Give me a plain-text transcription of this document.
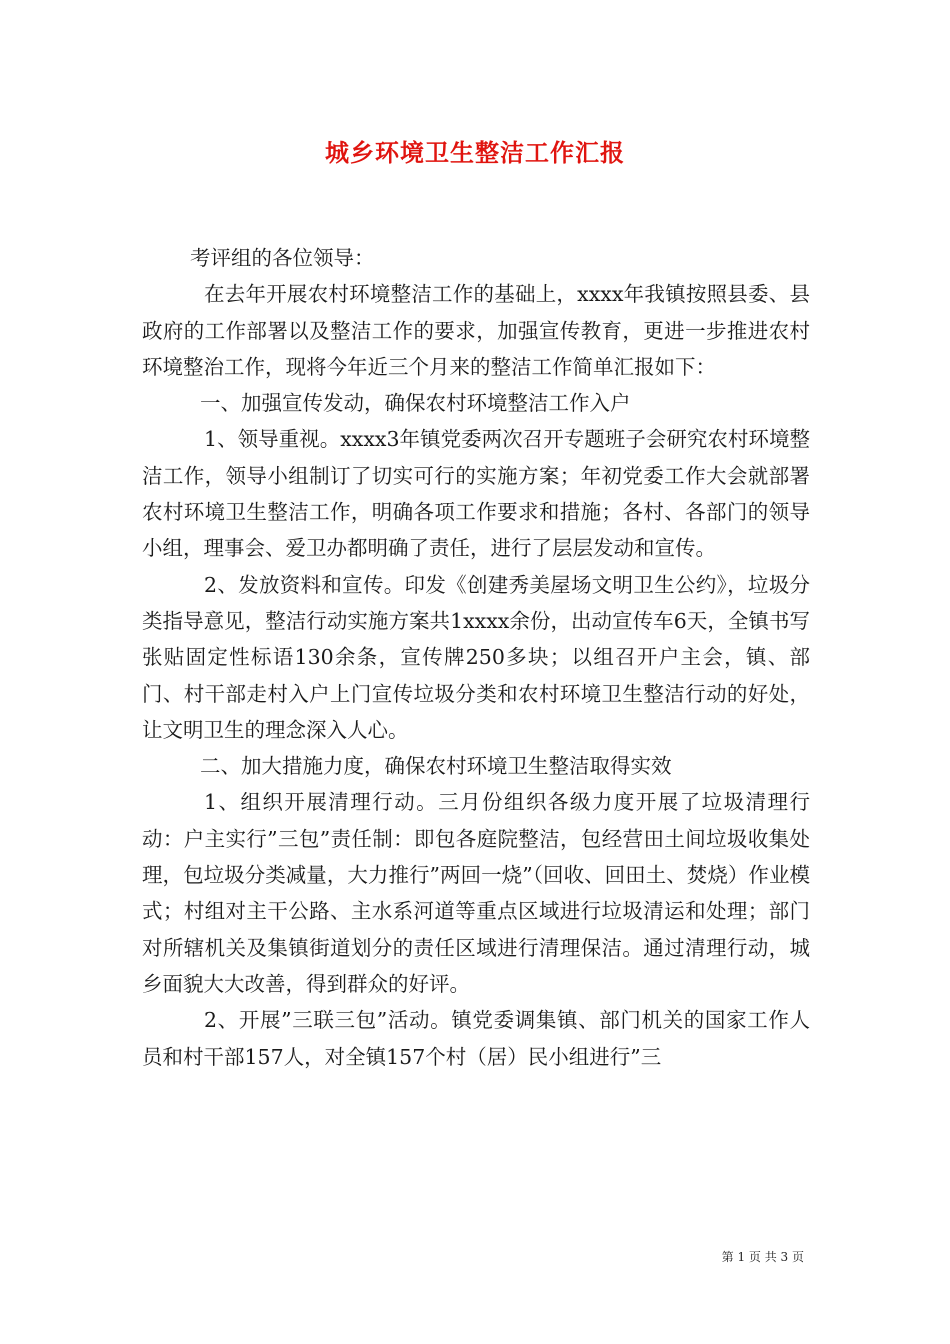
城乡环境卫生整洁工作汇报

考评组的各位领导：

在去年开展农村环境整洁工作的基础上，xxxx年我镇按照县委、县政府的工作部署以及整洁工作的要求，加强宣传教育，更进一步推进农村环境整治工作，现将今年近三个月来的整洁工作简单汇报如下：

一、加强宣传发动，确保农村环境整洁工作入户

1、领导重视。xxxx3年镇党委两次召开专题班子会研究农村环境整洁工作，领导小组制订了切实可行的实施方案；年初党委工作大会就部署农村环境卫生整洁工作，明确各项工作要求和措施；各村、各部门的领导小组，理事会、爱卫办都明确了责任，进行了层层发动和宣传。

2、发放资料和宣传。印发《创建秀美屋场文明卫生公约》，垃圾分类指导意见，整洁行动实施方案共1xxxx余份，出动宣传车6天，全镇书写张贴固定性标语130余条，宣传牌250多块；以组召开户主会，镇、部门、村干部走村入户上门宣传垃圾分类和农村环境卫生整洁行动的好处，让文明卫生的理念深入人心。

二、加大措施力度，确保农村环境卫生整洁取得实效

1、组织开展清理行动。三月份组织各级力度开展了垃圾清理行动：户主实行”三包”责任制：即包各庭院整洁，包经营田土间垃圾收集处理，包垃圾分类减量，大力推行”两回一烧”（回收、回田土、焚烧）作业模式；村组对主干公路、主水系河道等重点区域进行垃圾清运和处理；部门对所辖机关及集镇街道划分的责任区域进行清理保洁。通过清理行动，城乡面貌大大改善，得到群众的好评。

2、开展”三联三包”活动。镇党委调集镇、部门机关的国家工作人员和村干部157人，对全镇157个村（居）民小组进行”三

第 1 页 共 3 页
